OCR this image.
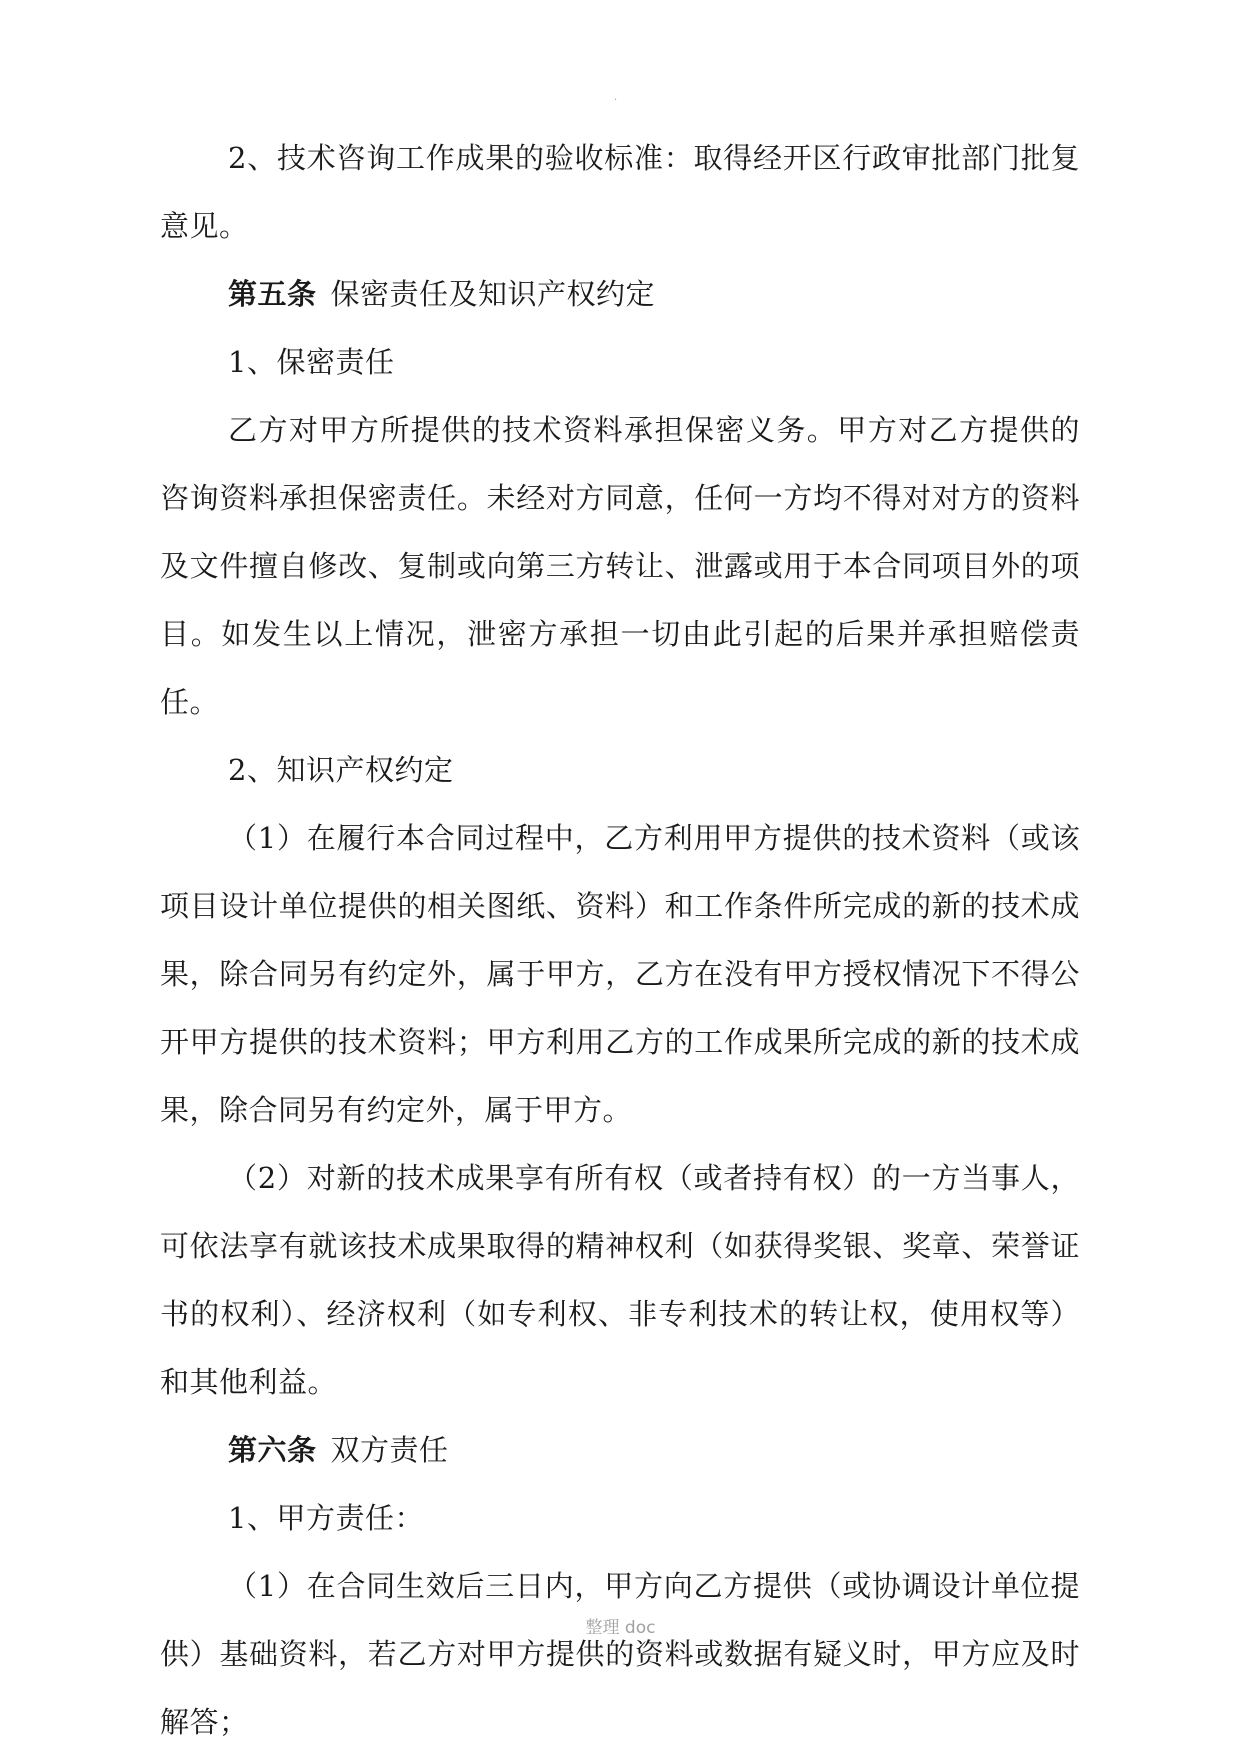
·

2、技术咨询工作成果的验收标准：取得经开区行政审批部门批复意见。

第五条 保密责任及知识产权约定

1、保密责任

乙方对甲方所提供的技术资料承担保密义务。甲方对乙方提供的咨询资料承担保密责任。未经对方同意，任何一方均不得对对方的资料及文件擅自修改、复制或向第三方转让、泄露或用于本合同项目外的项目。如发生以上情况，泄密方承担一切由此引起的后果并承担赔偿责任。

2、知识产权约定

（1）在履行本合同过程中，乙方利用甲方提供的技术资料（或该项目设计单位提供的相关图纸、资料）和工作条件所完成的新的技术成果，除合同另有约定外，属于甲方，乙方在没有甲方授权情况下不得公开甲方提供的技术资料；甲方利用乙方的工作成果所完成的新的技术成果，除合同另有约定外，属于甲方。

（2）对新的技术成果享有所有权（或者持有权）的一方当事人，可依法享有就该技术成果取得的精神权利（如获得奖银、奖章、荣誉证书的权利）、经济权利（如专利权、非专利技术的转让权，使用权等）和其他利益。

第六条 双方责任

1、甲方责任：

（1）在合同生效后三日内，甲方向乙方提供（或协调设计单位提供）基础资料，若乙方对甲方提供的资料或数据有疑义时，甲方应及时解答；

整理 doc
